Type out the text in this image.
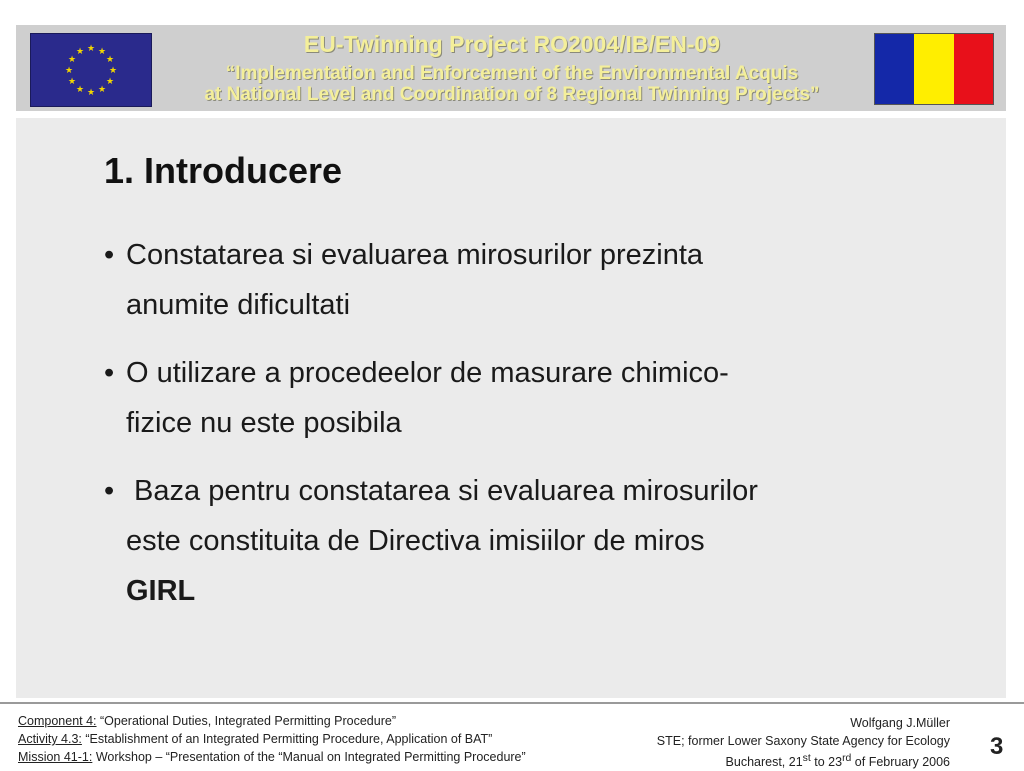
★ ★
★
★
★
★
★
★
★
★
★
★	EU-Twinning Project RO2004/IB/EN-09
“Implementation and Enforcement of the Environmental Acquis
at National Level and Coordination of 8 Regional Twinning Projects”
1. Introducere
• Constatarea si evaluarea mirosurilor prezinta
anumite dificultati
• O utilizare a procedeelor de masurare chimico-
fizice nu este posibila
• Baza pentru constatarea si evaluarea mirosurilor
este constituita de Directiva imisiilor de miros
GIRL
Component 4: “Operational Duties, Integrated Permitting Procedure”
Activity 4.3: “Establishment of an Integrated Permitting Procedure, Application of BAT”
Mission 41-1: Workshop – “Presentation of the “Manual on Integrated Permitting Procedure”
Wolfgang J.Müller
STE; former Lower Saxony State Agency for Ecology
Bucharest, 21st to 23rd of February 2006
3
